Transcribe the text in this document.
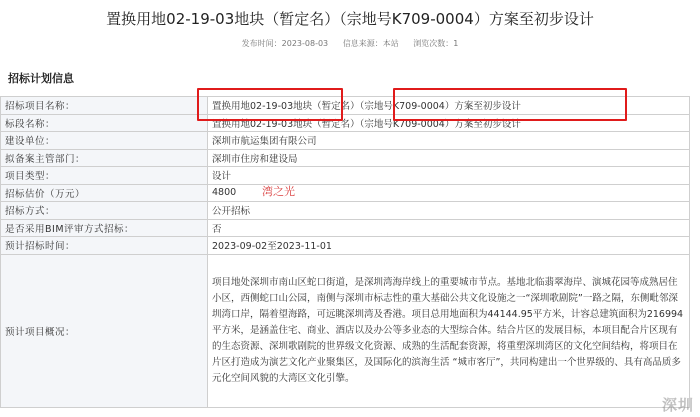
置换用地02-19-03地块（暂定名）（宗地号K709-0004）方案至初步设计
发布时间：2023-08-03 信息来源：本站 浏览次数：1
招标计划信息
招标项目名称：	置换用地02-19-03地块（暂定名）（宗地号K709-0004）方案至初步设计
标段名称：	置换用地02-19-03地块（暂定名）（宗地号K709-0004）方案至初步设计
建设单位：	深圳市航运集团有限公司
拟备案主管部门：	深圳市住房和建设局
项目类型：	设计
招标估价（万元）	4800
招标方式：	公开招标
是否采用BIM评审方式招标：	否
预计招标时间：	2023-09-02至2023-11-01
预计项目概况：	项目地处深圳市南山区蛇口街道，是深圳湾海岸线上的重要城市节点。基地北临翡翠海岸、演城花园等成熟居住小区，西侧蛇口山公园，南侧与深圳市标志性的重大基础公共文化设施之一“深圳歌剧院”一路之隔，东侧毗邻深圳湾口岸，隔着望海路，可远眺深圳湾及香港。项目总用地面积为44144.95平方米，计容总建筑面积为216994平方米，是涵盖住宅、商业、酒店以及办公等多业态的大型综合体。结合片区的发展目标，本项目配合片区现有的生态资源、深圳歌剧院的世界级文化资源、成熟的生活配套资源，将重塑深圳湾区的文化空间结构，将项目在片区打造成为演艺文化产业聚集区，及国际化的滨海生活 “城市客厅”，共同构建出一个世界级的、具有高品质多元化空间风貌的大湾区文化引擎。
湾之光
深圳
